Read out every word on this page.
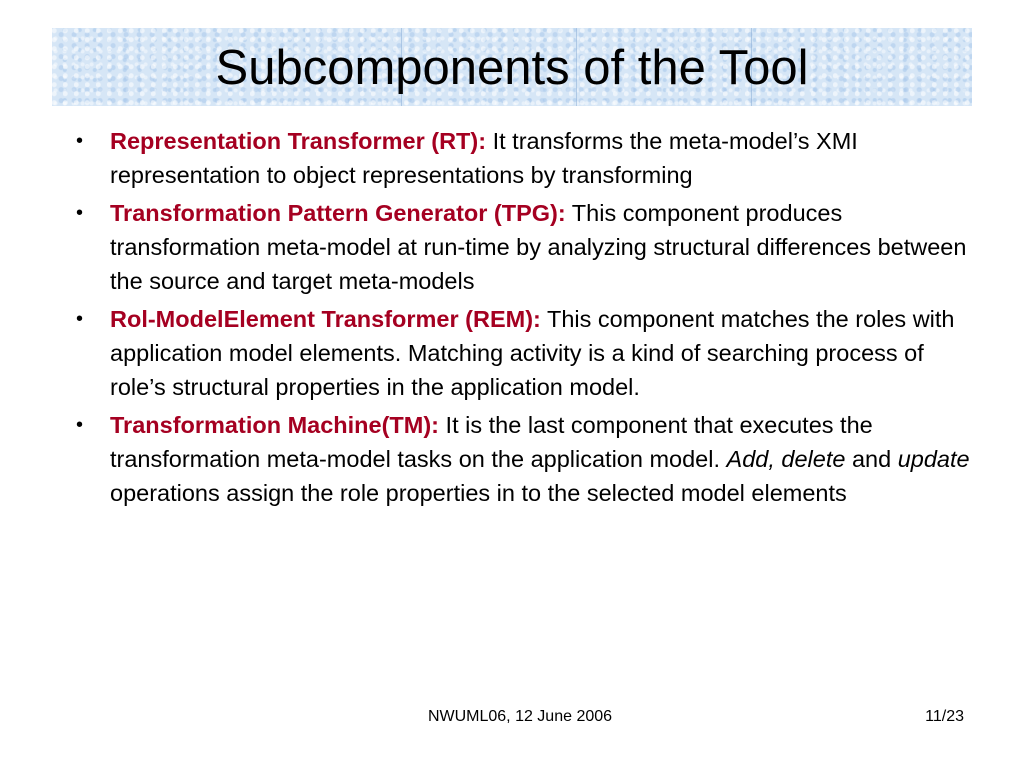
Subcomponents of the Tool
• Representation Transformer (RT): It transforms the meta-model’s XMI representation to object representations by transforming
• Transformation Pattern Generator (TPG): This component produces transformation meta-model at run-time by analyzing structural differences between the source and target meta-models
• Rol-ModelElement Transformer (REM): This component matches the roles with application model elements. Matching activity is a kind of searching process of role’s structural properties in the application model.
• Transformation Machine(TM): It is the last component that executes the transformation meta-model tasks on the application model. Add, delete and update operations assign the role properties in to the selected model elements
NWUML06, 12 June 2006	11/23
